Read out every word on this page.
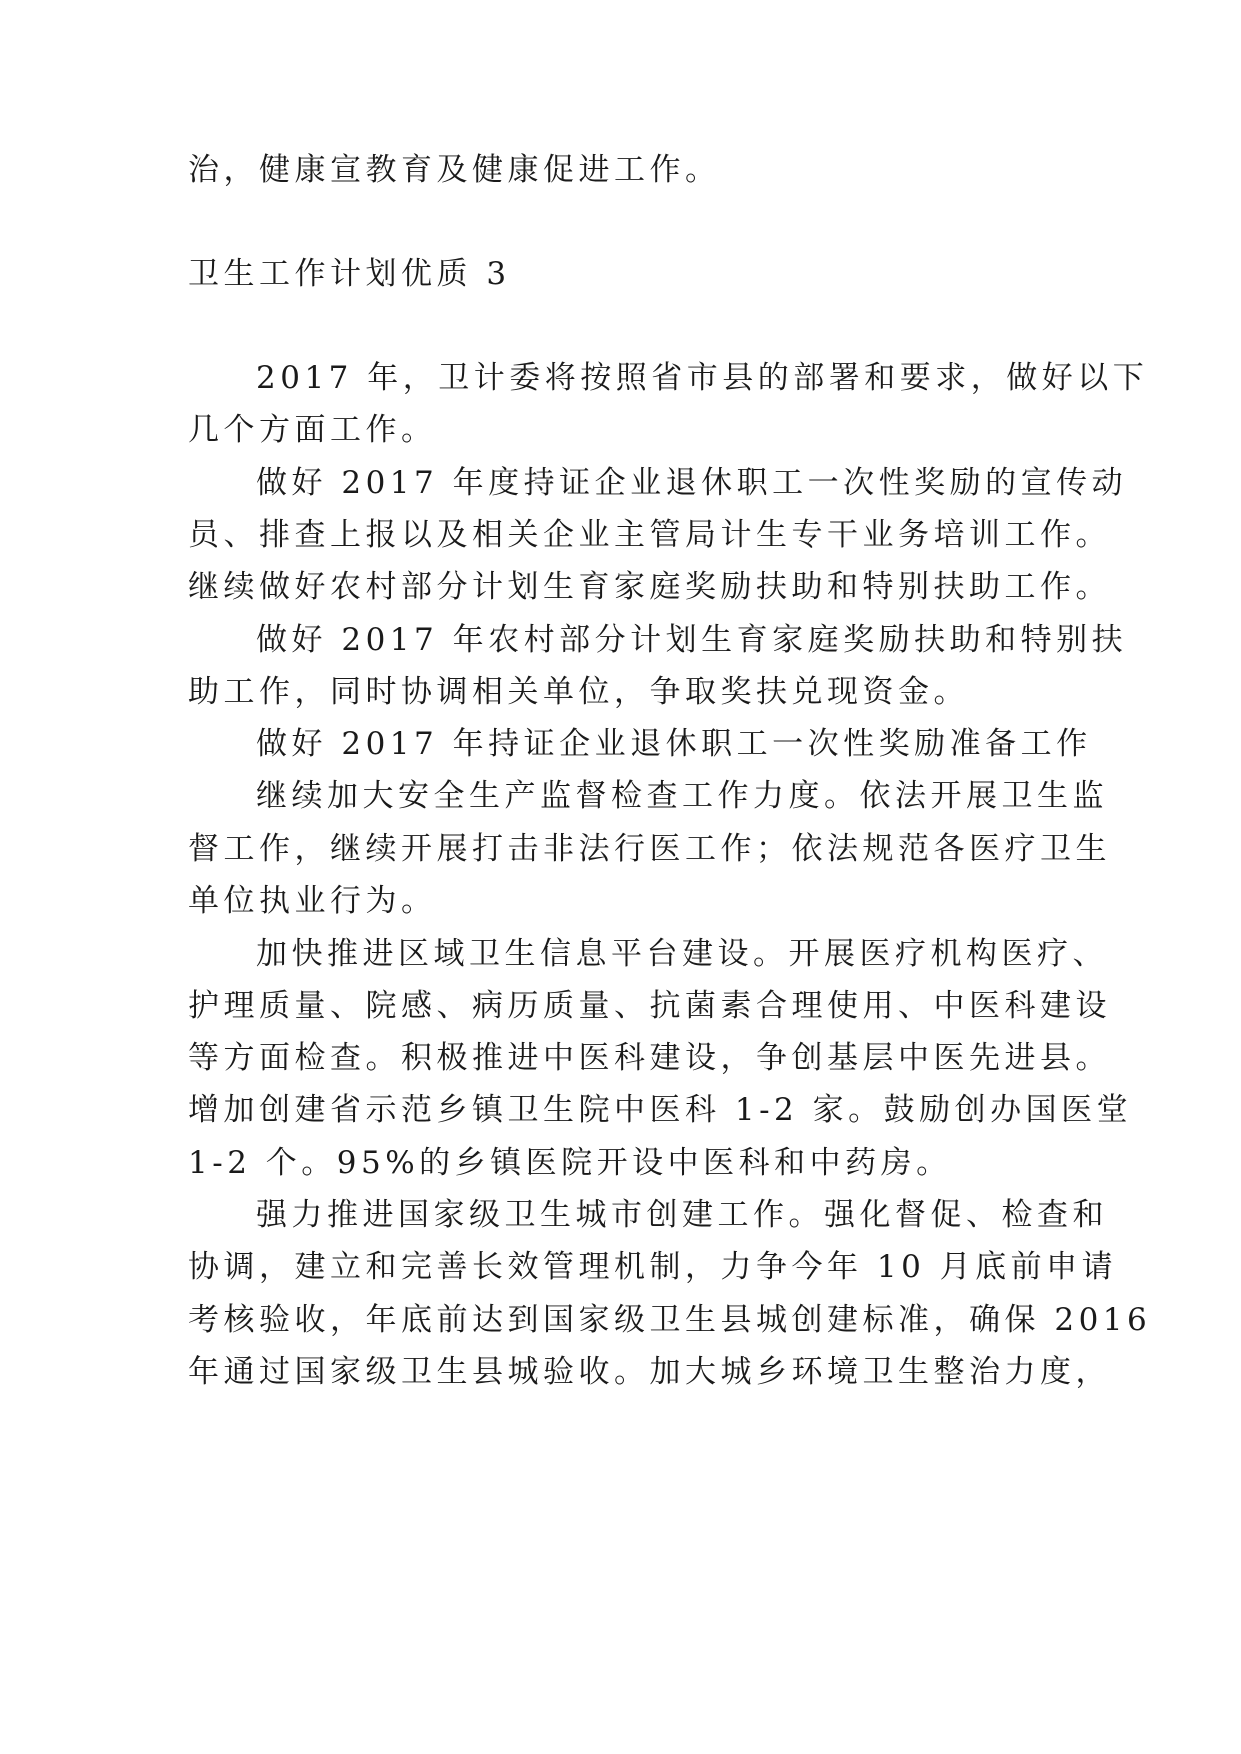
治，健康宣教育及健康促进工作。
卫生工作计划优质 3
2017 年，卫计委将按照省市县的部署和要求，做好以下
几个方面工作。
做好 2017 年度持证企业退休职工一次性奖励的宣传动
员、排查上报以及相关企业主管局计生专干业务培训工作。
继续做好农村部分计划生育家庭奖励扶助和特别扶助工作。
做好 2017 年农村部分计划生育家庭奖励扶助和特别扶
助工作，同时协调相关单位，争取奖扶兑现资金。
做好 2017 年持证企业退休职工一次性奖励准备工作
继续加大安全生产监督检查工作力度。依法开展卫生监
督工作，继续开展打击非法行医工作；依法规范各医疗卫生
单位执业行为。
加快推进区域卫生信息平台建设。开展医疗机构医疗、
护理质量、院感、病历质量、抗菌素合理使用、中医科建设
等方面检查。积极推进中医科建设，争创基层中医先进县。
增加创建省示范乡镇卫生院中医科 1-2 家。鼓励创办国医堂
1-2 个。95%的乡镇医院开设中医科和中药房。
强力推进国家级卫生城市创建工作。强化督促、检查和
协调，建立和完善长效管理机制，力争今年 10 月底前申请
考核验收，年底前达到国家级卫生县城创建标准，确保 2016
年通过国家级卫生县城验收。加大城乡环境卫生整治力度，
